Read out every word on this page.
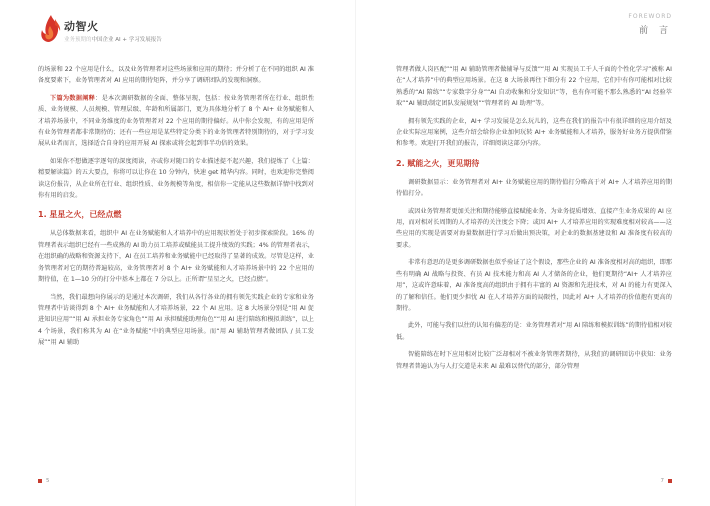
动智火
业务预期的中国企业 AI + 学习发展报告
FOREWORD
前 言

的场景和 22 个应用是什么，以及业务管理者对这些场景和应用的期待；并分析了在不同的组织 AI 准备度要素下，业务管理者对 AI 应用的期待矩阵，并分享了调研团队的发现和洞察。

下篇为数据阐释：是本次调研数据的全面、整体呈现，包括：按业务管理者所在行业、组织性质、业务规模、人员规模、管理层级、年龄和所属部门，更为具体地分析了 8 个 AI+ 业务赋能和人才培养场景中，不同业务维度的业务管理者对 22 个应用的期待偏好。从中你会发现，有的应用是所有业务管理者都非常期待的；还有一些应用是某些特定分类下的业务管理者特别期待的，对于学习发展从业者而言，选择适合自身的应用开展 AI 探索或将会起到事半功倍的效果。

如果你不想做逐字逐句的深度阅读，亦或你对随口的专业描述提不起兴趣，我们提炼了《上篇：精要解读篇》的五大要点，你将可以让你在 10 分钟内，快速 get 精华内容。同时，也欢迎你完整阅读这份报告，从企业所在行业、组织性质、业务规模等角度，相信你一定能从这些数据详情中找到对你有用的启发。

1. 星星之火，已经点燃

从总体数据来看，组织中 AI 在业务赋能和人才培养中的应用现状暂处于初步探索阶段。16% 的管理者表示组织已经有一些成熟的 AI 助力员工培养或赋能员工提升绩效的实践；4% 的管理者表示，在组织确的战略和资源支持下，AI 在员工培养和业务赋能中已经取得了显著的成效。尽管是这样，业务管理者对它的期待普遍较高，业务管理者对 8 个 AI+ 业务赋能和人才培养场景中的 22 个应用的期待值，在 1—10 分的打分中基本上都在 7 分以上。正所谓“星星之火，已经点燃”。

当然，我们最想向你展示的是通过本次调研，我们从各行各业的拥有领先实践企业的专家和业务管理者中访谈得到 8 个 AI+ 业务赋能和人才培养场景，22 个 AI 应用。这 8 大场景分别是“用 AI 促进知识应用”“用 AI 承担业务专家角色”“用 AI 承担赋能助理角色”“用 AI 进行陪练和模拟训练”，以上 4 个场景，我们称其为 AI 在“业务赋能”中的典型应用场景。而“用 AI 辅助管理者做团队 / 员工发展”“用 AI 辅助

管理者做人岗匹配”“用 AI 辅助管理者做辅导与反馈”“用 AI 实现员工千人千面的个性化学习”被称 AI 在“人才培养”中的典型应用场景。在这 8 大场景再往下细分有 22 个应用，它们中有你可能相对比较熟悉的“AI 陪练”“专家数字分身”“AI 自动收集和分发知识”等，也有你可能不那么熟悉的“AI 经验萃取”“AI 辅助制定团队发展规划”“管理者的 AI 助理”等。

拥有领先实践的企业，AI+ 学习发展是怎么玩儿的，这些在我们的报告中有很详细的应用介绍及企业实际应用案例，这些介绍会给你企业加何玩转 AI+ 业务赋能和人才培养，服务好业务方提供借鉴和参考。欢迎打开我们的报告，详细阅读这部分内容。

2. 赋能之火，更见期待

调研数据显示：业务管理者对 AI+ 业务赋能应用的期待值打分略高于对 AI+ 人才培养应用的期待值打分。

或因业务管理者更加关注和期待能够直接赋能业务、为业务提质增效、直接产生业务成果的 AI 应用，而对相对长周期的人才培养的关注度会下降；或因 AI+ 人才培养应用的实现难度相对较高——这些应用的实现是需要对海量数据进行学习后做出预决策，对企业的数据基建设和 AI 准备度有较高的要求。

非常有意思的是更多调研数据也似乎验证了这个假设，那些企业的 AI 准备度相对高的组织，即那些有明确 AI 战略与投资、有员 AI 技术能力和高 AI 人才储备的企业，他们更期待“AI+ 人才培养应用”，这或许意味着，AI 准备度高的组织由于拥有丰富的 AI 资源和先进技术，对 AI 的能力有更深入的了解和信任。他们更少担忧 AI 在人才培养方面的局限性，因此对 AI+ 人才培养的价值抱有更高的期待。

此外，可能与我们以往的认知有偏差的是：业务管理者对“用 AI 陪练和模拟训练”的期待值相对较低。

智能陪练在时下应用相对比较广泛却相对不被业务管理者期待，从我们的调研回访中获知：业务管理者普遍认为与人打交道是未来 AI 最难以替代的部分，部分管理

5	7
